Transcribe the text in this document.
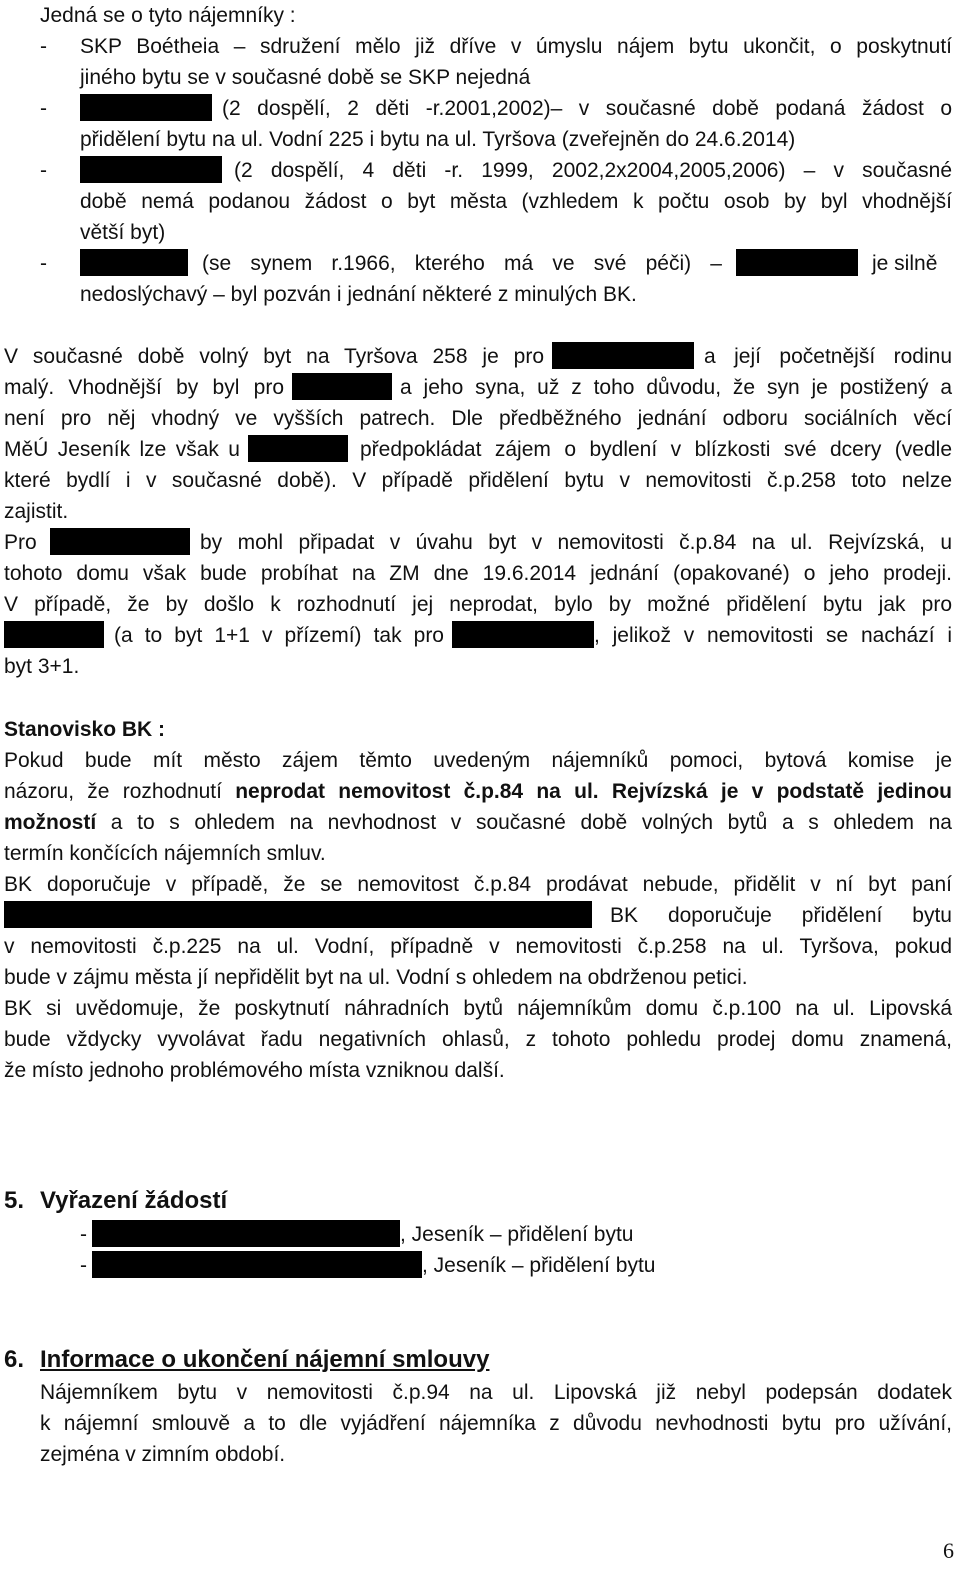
Jedná se o tyto nájemníky :
- SKP Boétheia – sdružení mělo již dříve v úmyslu nájem bytu ukončit, o poskytnutí
jiného bytu se v současné době se SKP nejedná
-	(2 dospělí, 2 děti -r.2001,2002)– v současné době podaná žádost o
přidělení bytu na ul. Vodní 225 i bytu na ul. Tyršova (zveřejněn do 24.6.2014)
-	(2 dospělí, 4 děti -r. 1999, 2002,2x2004,2005,2006) – v současné
době nemá podanou žádost o byt města (vzhledem k počtu osob by byl vhodnější
větší byt)
-	(se synem r.1966, kterého má ve své péči) –	je silně
nedoslýchavý – byl pozván i jednání některé z minulých BK.
V současné době volný byt na Tyršova 258 je pro	a její početnější rodinu
malý. Vhodnější by byl pro	a jeho syna, už z toho důvodu, že syn je postižený a
není pro něj vhodný ve vyšších patrech. Dle předběžného jednání odboru sociálních věcí
MěÚ Jeseník lze však u	předpokládat zájem o bydlení v blízkosti své dcery (vedle
které bydlí i v současné době). V případě přidělení bytu v nemovitosti č.p.258 toto nelze
zajistit.
Pro	by mohl připadat v úvahu byt v nemovitosti č.p.84 na ul. Rejvízská, u
tohoto domu však bude probíhat na ZM dne 19.6.2014 jednání (opakované) o jeho prodeji.
V případě, že by došlo k rozhodnutí jej neprodat, bylo by možné přidělení bytu jak pro
(a to byt 1+1 v přízemí) tak pro	, jelikož v nemovitosti se nachází i
byt 3+1.
Stanovisko BK :
Pokud bude mít město zájem těmto uvedeným nájemníků pomoci, bytová komise je
názoru, že rozhodnutí neprodat nemovitost č.p.84 na ul. Rejvízská je v podstatě jedinou
možností a to s ohledem na nevhodnost v současné době volných bytů a s ohledem na
termín končících nájemních smluv.
BK doporučuje v případě, že se nemovitost č.p.84 prodávat nebude, přidělit v ní byt paní
BK doporučuje přidělení bytu
v nemovitosti č.p.225 na ul. Vodní, případně v nemovitosti č.p.258 na ul. Tyršova, pokud
bude v zájmu města jí nepřidělit byt na ul. Vodní s ohledem na obdrženou petici.
BK si uvědomuje, že poskytnutí náhradních bytů nájemníkům domu č.p.100 na ul. Lipovská
bude vždycky vyvolávat řadu negativních ohlasů, z tohoto pohledu prodej domu znamená,
že místo jednoho problémového místa vzniknou další.
5. Vyřazení žádostí
-	, Jeseník – přidělení bytu
-	, Jeseník – přidělení bytu
6. Informace o ukončení nájemní smlouvy
Nájemníkem bytu v nemovitosti č.p.94 na ul. Lipovská již nebyl podepsán dodatek
k nájemní smlouvě a to dle vyjádření nájemníka z důvodu nevhodnosti bytu pro užívání,
zejména v zimním období.
6
